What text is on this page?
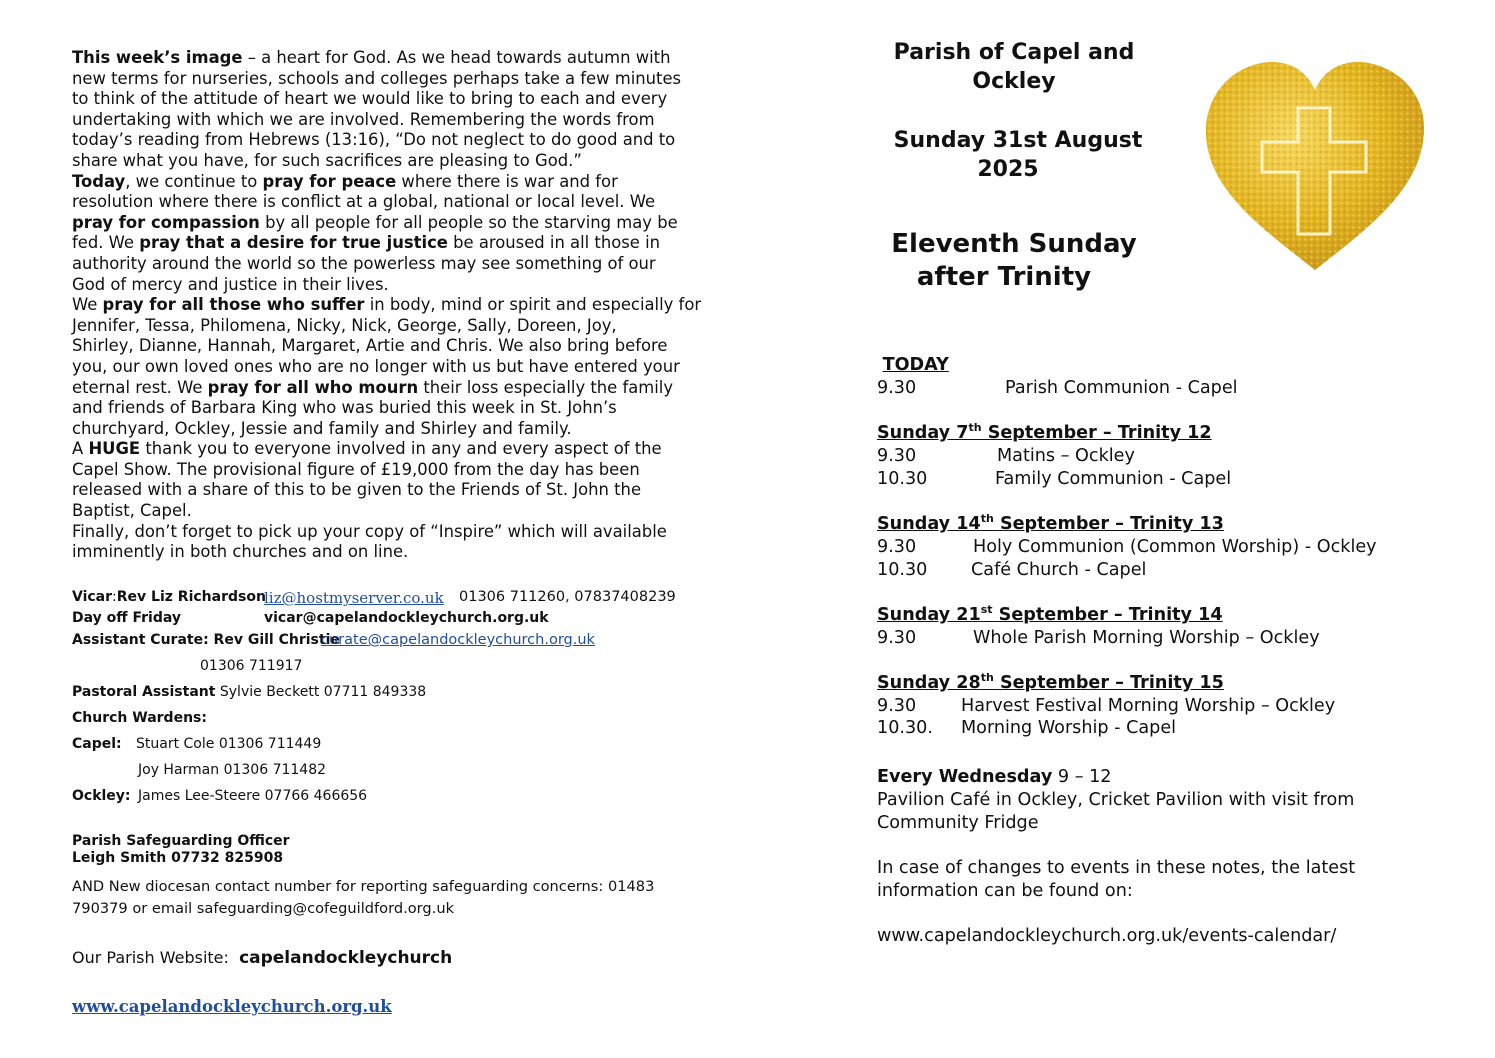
This week’s image – a heart for God. As we head towards autumn with
new terms for nurseries, schools and colleges perhaps take a few minutes
to think of the attitude of heart we would like to bring to each and every
undertaking with which we are involved. Remembering the words from
today’s reading from Hebrews (13:16), “Do not neglect to do good and to
share what you have, for such sacrifices are pleasing to God.”
Today, we continue to pray for peace where there is war and for
resolution where there is conflict at a global, national or local level. We
pray for compassion by all people for all people so the starving may be
fed. We pray that a desire for true justice be aroused in all those in
authority around the world so the powerless may see something of our
God of mercy and justice in their lives.
We pray for all those who suffer in body, mind or spirit and especially for
Jennifer, Tessa, Philomena, Nicky, Nick, George, Sally, Doreen, Joy,
Shirley, Dianne, Hannah, Margaret, Artie and Chris. We also bring before
you, our own loved ones who are no longer with us but have entered your
eternal rest. We pray for all who mourn their loss especially the family
and friends of Barbara King who was buried this week in St. John’s
churchyard, Ockley, Jessie and family and Shirley and family.
A HUGE thank you to everyone involved in any and every aspect of the
Capel Show. The provisional figure of £19,000 from the day has been
released with a share of this to be given to the Friends of St. John the
Baptist, Capel.
Finally, don’t forget to pick up your copy of “Inspire” which will available
imminently in both churches and on line.
Vicar:Rev Liz Richardson
liz@hostmyserver.co.uk 01306 711260, 07837408239
Day off Friday	vicar@capelandockleychurch.org.uk
Assistant Curate: Rev Gill Christie
curate@capelandockleychurch.org.uk
01306 711917
Pastoral Assistant Sylvie Beckett 07711 849338
Church Wardens:
Capel: Stuart Cole 01306 711449
Joy Harman 01306 711482
Ockley: James Lee-Steere 07766 466656
Parish Safeguarding Officer
Leigh Smith 07732 825908
AND New diocesan contact number for reporting safeguarding concerns: 01483
790379 or email safeguarding@cofeguildford.org.uk
Our Parish Website: capelandockleychurch
www.capelandockleychurch.org.uk
Parish of Capel and
Ockley
Sunday 31st August
2025
Eleventh Sunday
after Trinity
TODAY
9.30	Parish Communion - Capel
Sunday 7th September – Trinity 12
9.30	Matins – Ockley
10.30	Family Communion - Capel
Sunday 14th September – Trinity 13
9.30	Holy Communion (Common Worship) - Ockley
10.30 Café Church - Capel
Sunday 21st September – Trinity 14
9.30	Whole Parish Morning Worship – Ockley
Sunday 28th September – Trinity 15
9.30	Harvest Festival Morning Worship – Ockley
10.30. Morning Worship - Capel
Every Wednesday 9 – 12
Pavilion Café in Ockley, Cricket Pavilion with visit from
Community Fridge
In case of changes to events in these notes, the latest
information can be found on:
www.capelandockleychurch.org.uk/events-calendar/
